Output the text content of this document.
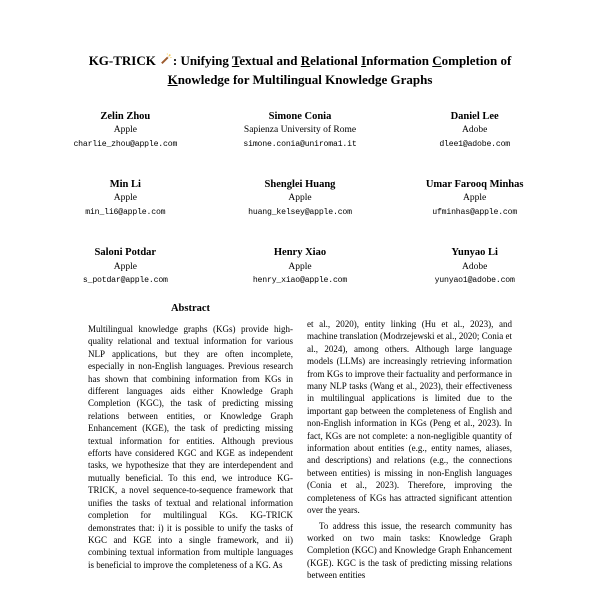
KG-TRICK : Unifying Textual and Relational Information Completion of Knowledge for Multilingual Knowledge Graphs
Zelin Zhou
Apple
charlie_zhou@apple.com
Simone Conia
Sapienza University of Rome
simone.conia@uniroma1.it
Daniel Lee
Adobe
dlee1@adobe.com
Min Li
Apple
min_li6@apple.com
Shenglei Huang
Apple
huang_kelsey@apple.com
Umar Farooq Minhas
Apple
ufminhas@apple.com
Saloni Potdar
Apple
s_potdar@apple.com
Henry Xiao
Apple
henry_xiao@apple.com
Yunyao Li
Adobe
yunyao1@adobe.com
Abstract

Multilingual knowledge graphs (KGs) provide high-quality relational and textual information for various NLP applications, but they are often incomplete, especially in non-English languages. Previous research has shown that combining information from KGs in different languages aids either Knowledge Graph Completion (KGC), the task of predicting missing relations between entities, or Knowledge Graph Enhancement (KGE), the task of predicting missing textual information for entities. Although previous efforts have considered KGC and KGE as independent tasks, we hypothesize that they are interdependent and mutually beneficial. To this end, we introduce KG-TRICK, a novel sequence-to-sequence framework that unifies the tasks of textual and relational information completion for multilingual KGs. KG-TRICK demonstrates that: i) it is possible to unify the tasks of KGC and KGE into a single framework, and ii) combining textual information from multiple languages is beneficial to improve the completeness of a KG. As

et al., 2020), entity linking (Hu et al., 2023), and machine translation (Modrzejewski et al., 2020; Conia et al., 2024), among others. Although large language models (LLMs) are increasingly retrieving information from KGs to improve their factuality and performance in many NLP tasks (Wang et al., 2023), their effectiveness in multilingual applications is limited due to the important gap between the completeness of English and non-English information in KGs (Peng et al., 2023). In fact, KGs are not complete: a non-negligible quantity of information about entities (e.g., entity names, aliases, and descriptions) and relations (e.g., the connections between entities) is missing in non-English languages (Conia et al., 2023). Therefore, improving the completeness of KGs has attracted significant attention over the years.

To address this issue, the research community has worked on two main tasks: Knowledge Graph Completion (KGC) and Knowledge Graph Enhancement (KGE). KGC is the task of predicting missing relations between entities
